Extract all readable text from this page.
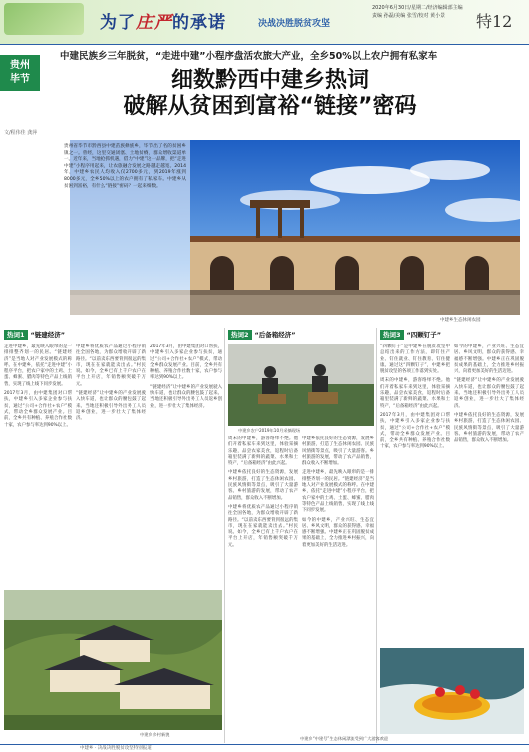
为了庄严的承诺	决战决胜脱贫攻坚
2020年6月30日/星期二/经济编辑部主编
责编 孙磊/美编 张雪/校对 黄小景	特12
贵州
毕节
中建民族乡三年脱贫，“走进中建”小程序盘活农旅大产业，全乡50%以上农户拥有私家车
细数黔西中建乡热词
破解从贫困到富裕“链接”密码
文/程伟佳 龚萍
贵州省毕节市黔西县中建苗族彝族乡，毕节出了名的贫困乡镇之一。曾经，这里交通闭塞、土地贫瘠，群众增收渠道单一。近年来，当地抢抓机遇，借力“中建”这一品牌，把“走进中建”小程序用起来，让农旅融合发展之路越走越宽。2014年，中建乡农民人均收入仅2700多元，到2019年涨到8000多元，全乡50%以上的农户拥有了私家车。中建乡从贫困到富裕，有什么“链接”密码？一起来细数。
中建乡生态休闲农园
热词1 “链建经济”	热词2 “后备箱经济”	热词3 “四颗钉子”

走进中建乡，最先映入眼帘的是一排排整齐划一的民居。“链建经济”是当地人对产业发展模式的称呼。在中建乡，依托“走进中建”小程序平台，把农户家中的土鸡、土蛋、蜂蜜、腊肉等特色产品上线销售，实现了线上线下同步发展。

2017年3月，由中建集团对口帮扶，中建乡引入多家企业参与扶贫，通过“公司+合作社+农户”模式，带动全乡群众发展产业。目前，全乡共有种植、养殖合作社数十家，农户参与率达到90%以上。

中建乡将优质农产品通过小程序销往全国各地，为群众增收开辟了新路径。“以前卖东西要背到很远的集市，现在在家就能卖出去。”村民说。如今，全乡已有上千户农户在平台上开店，年销售额突破千万元。

“链建经济”让中建乡的产业发展驶入快车道，也让群众的腰包鼓了起来。当地还积极引导外出务工人员返乡创业，进一步壮大了集体经济。

2017年3月，由中建集团对口帮扶，中建乡引入多家企业参与扶贫，通过“公司+合作社+农户”模式，带动全乡群众发展产业。目前，全乡共有种植、养殖合作社数十家，农户参与率达到90%以上。

“链建经济”让中建乡的产业发展驶入快车道，也让群众的腰包鼓了起来。当地还积极引导外出务工人员返乡创业，进一步壮大了集体经济。

中建乡农户2019年10月采摘现场

周末的中建乡，游客络绎不绝。他们开着私家车来到这里，体验采摘乐趣，品尝农家美食，返程时后备箱里装满了新鲜的蔬菜、水果和土特产，“后备箱经济”由此兴起。

中建乡依托良好的生态资源，发展乡村旅游，打造了生态休闲农园、民族风情街等景点，吸引了大量游客。乡村旅游的发展，带动了农产品销售，群众收入不断增加。

中建乡将优质农产品通过小程序销往全国各地，为群众增收开辟了新路径。“以前卖东西要背到很远的集市，现在在家就能卖出去。”村民说。如今，全乡已有上千户农户在平台上开店，年销售额突破千万元。

中建乡依托良好的生态资源，发展乡村旅游，打造了生态休闲农园、民族风情街等景点，吸引了大量游客。乡村旅游的发展，带动了农产品销售，群众收入不断增加。

走进中建乡，最先映入眼帘的是一排排整齐划一的民居。“链建经济”是当地人对产业发展模式的称呼。在中建乡，依托“走进中建”小程序平台，把农户家中的土鸡、土蛋、蜂蜜、腊肉等特色产品上线销售，实现了线上线下同步发展。

如今的中建乡，产业兴旺、生态宜居、乡风文明，群众的获得感、幸福感不断增强。中建乡正在巩固脱贫成果的基础上，全力推进乡村振兴，向着更加美好的生活迈进。

“四颗钉子”是中建乡在脱贫攻坚中总结出来的工作方法，即钉住产业、钉住就业、钉住教育、钉住健康。通过这“四颗钉子”，中建乡把脱贫攻坚的各项工作落到实处。

周末的中建乡，游客络绎不绝。他们开着私家车来到这里，体验采摘乐趣，品尝农家美食，返程时后备箱里装满了新鲜的蔬菜、水果和土特产，“后备箱经济”由此兴起。

2017年3月，由中建集团对口帮扶，中建乡引入多家企业参与扶贫，通过“公司+合作社+农户”模式，带动全乡群众发展产业。目前，全乡共有种植、养殖合作社数十家，农户参与率达到90%以上。

如今的中建乡，产业兴旺、生态宜居、乡风文明，群众的获得感、幸福感不断增强。中建乡正在巩固脱贫成果的基础上，全力推进乡村振兴，向着更加美好的生活迈进。

“链建经济”让中建乡的产业发展驶入快车道，也让群众的腰包鼓了起来。当地还积极引导外出务工人员返乡创业，进一步壮大了集体经济。

中建乡依托良好的生态资源，发展乡村旅游，打造了生态休闲农园、民族风情街等景点，吸引了大量游客。乡村旅游的发展，带动了农产品销售，群众收入不断增加。

中建乡乡村新貌
中建乡“中建号”生态休闲漂流受到广大游客欢迎
中建乡 · 决战决胜脱贫攻坚特别报道
